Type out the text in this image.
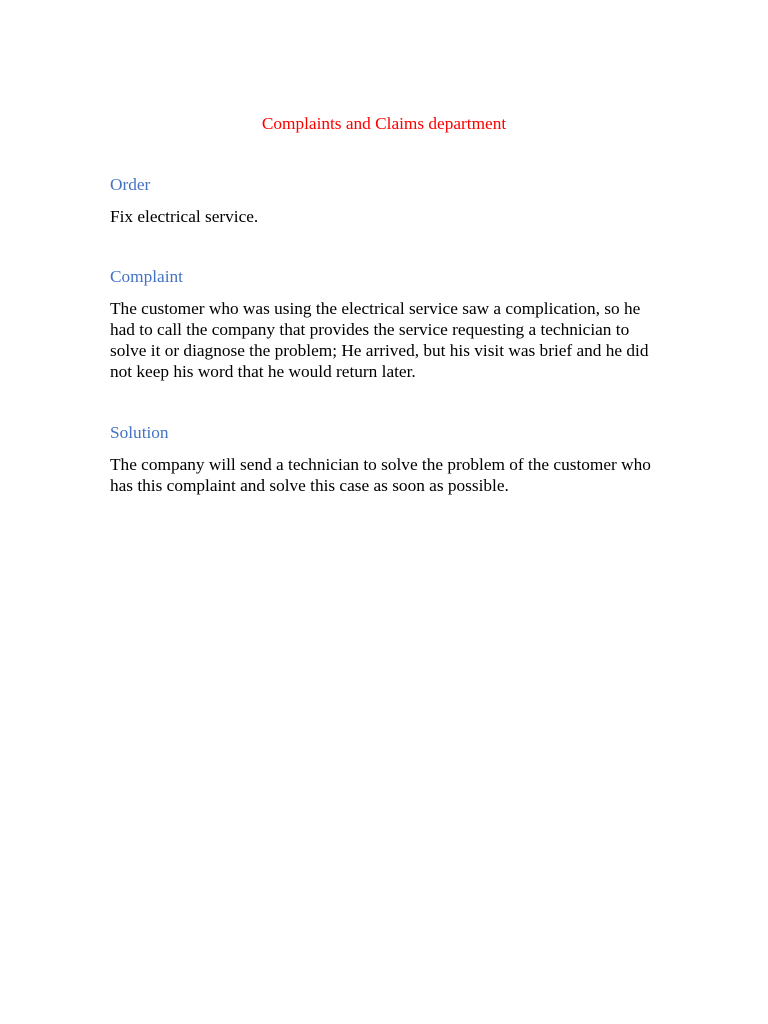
Complaints and Claims department

Order

Fix electrical service.

Complaint

The customer who was using the electrical service saw a complication, so he had to call the company that provides the service requesting a technician to solve it or diagnose the problem; He arrived, but his visit was brief and he did not keep his word that he would return later.

Solution

The company will send a technician to solve the problem of the customer who has this complaint and solve this case as soon as possible.
